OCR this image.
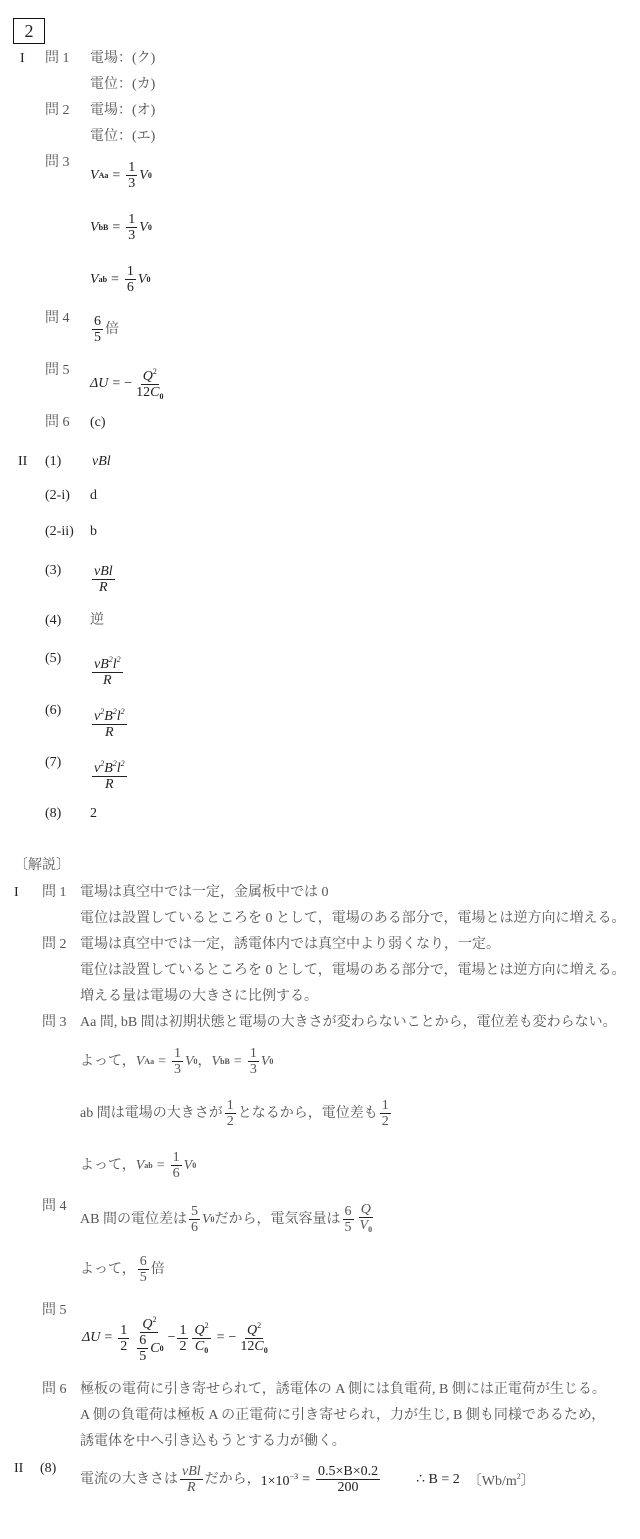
2
I 問 1 電場：(ク)
電位：(カ)
問 2 電場：(オ)
電位：(エ)
問 3
V $Aa = \frac{1}{3}$ V 0
V bB = $\frac{1}{3}$ V 0
V ab = $\frac{1}{6}$ V 0
問 $4 \frac{6}{5}$ 倍
問 5
ΔU = − $\frac{Q^2}{12C_0}$
問 6 (c)
II (1) vBl
(2-i) d
(2-ii) b
$(3) \frac{\text{vBl}}{R}$
(4) 逆
$(5) \frac{vB^2l^2}{R}$
$(6) \frac{v^2B^2l^2}{R}$
$(7) \frac{v^2B^2l^2}{R}$
(8) 2
〔解説〕
I 問 1 電場は真空中では一定，金属板中では 0
電位は設置しているところを 0 として，電場のある部分で，電場とは逆方向に増える。
問 2 電場は真空中では一定，誘電体内では真空中より弱くなり，一定。
電位は設置しているところを 0 として，電場のある部分で，電場とは逆方向に増える。
増える量は電場の大きさに比例する。
問 3 Aa 間, bB 間は初期状態と電場の大きさが変わらないことから，電位差も変わらない。
よって， V $Aa = \frac{1}{3}$ V 0 ， V bB = $\frac{1}{3}$ V 0
ab 間は電場の大きさが $\frac{1}{2}$ となるから，電位差も $\frac{1}{2}$
よって， V ab = $\frac{1}{6}$ V 0
問 4
AB 間の電位差は $\frac{5}{6}$ V 0 だから，電気容量は $\frac{6}{5} \frac{Q}{V_0}$
よって， $\frac{6}{5}$ 倍
問 5
$\Delta U = \frac{1}{2} \frac{Q^2}{\frac{6}{5} C 0} - \frac{1}{2} \frac{Q^2}{C_0}$ = − $\frac{Q^2}{12C_0}$
問 6 極板の電荷に引き寄せられて，誘電体の A 側には負電荷, B 側には正電荷が生じる。
A 側の負電荷は極板 A の正電荷に引き寄せられ，力が生じ, B 側も同様であるため，
誘電体を中へ引き込もうとする力が働く。
II (8)
電流の大きさは $\frac{\text{vBl}}{R}$ だから， $1\times 10^{-3} = \frac{0.5\times B\times 0.2}{200}$	∴ B = 2 〔$Wb/m^2$〕
